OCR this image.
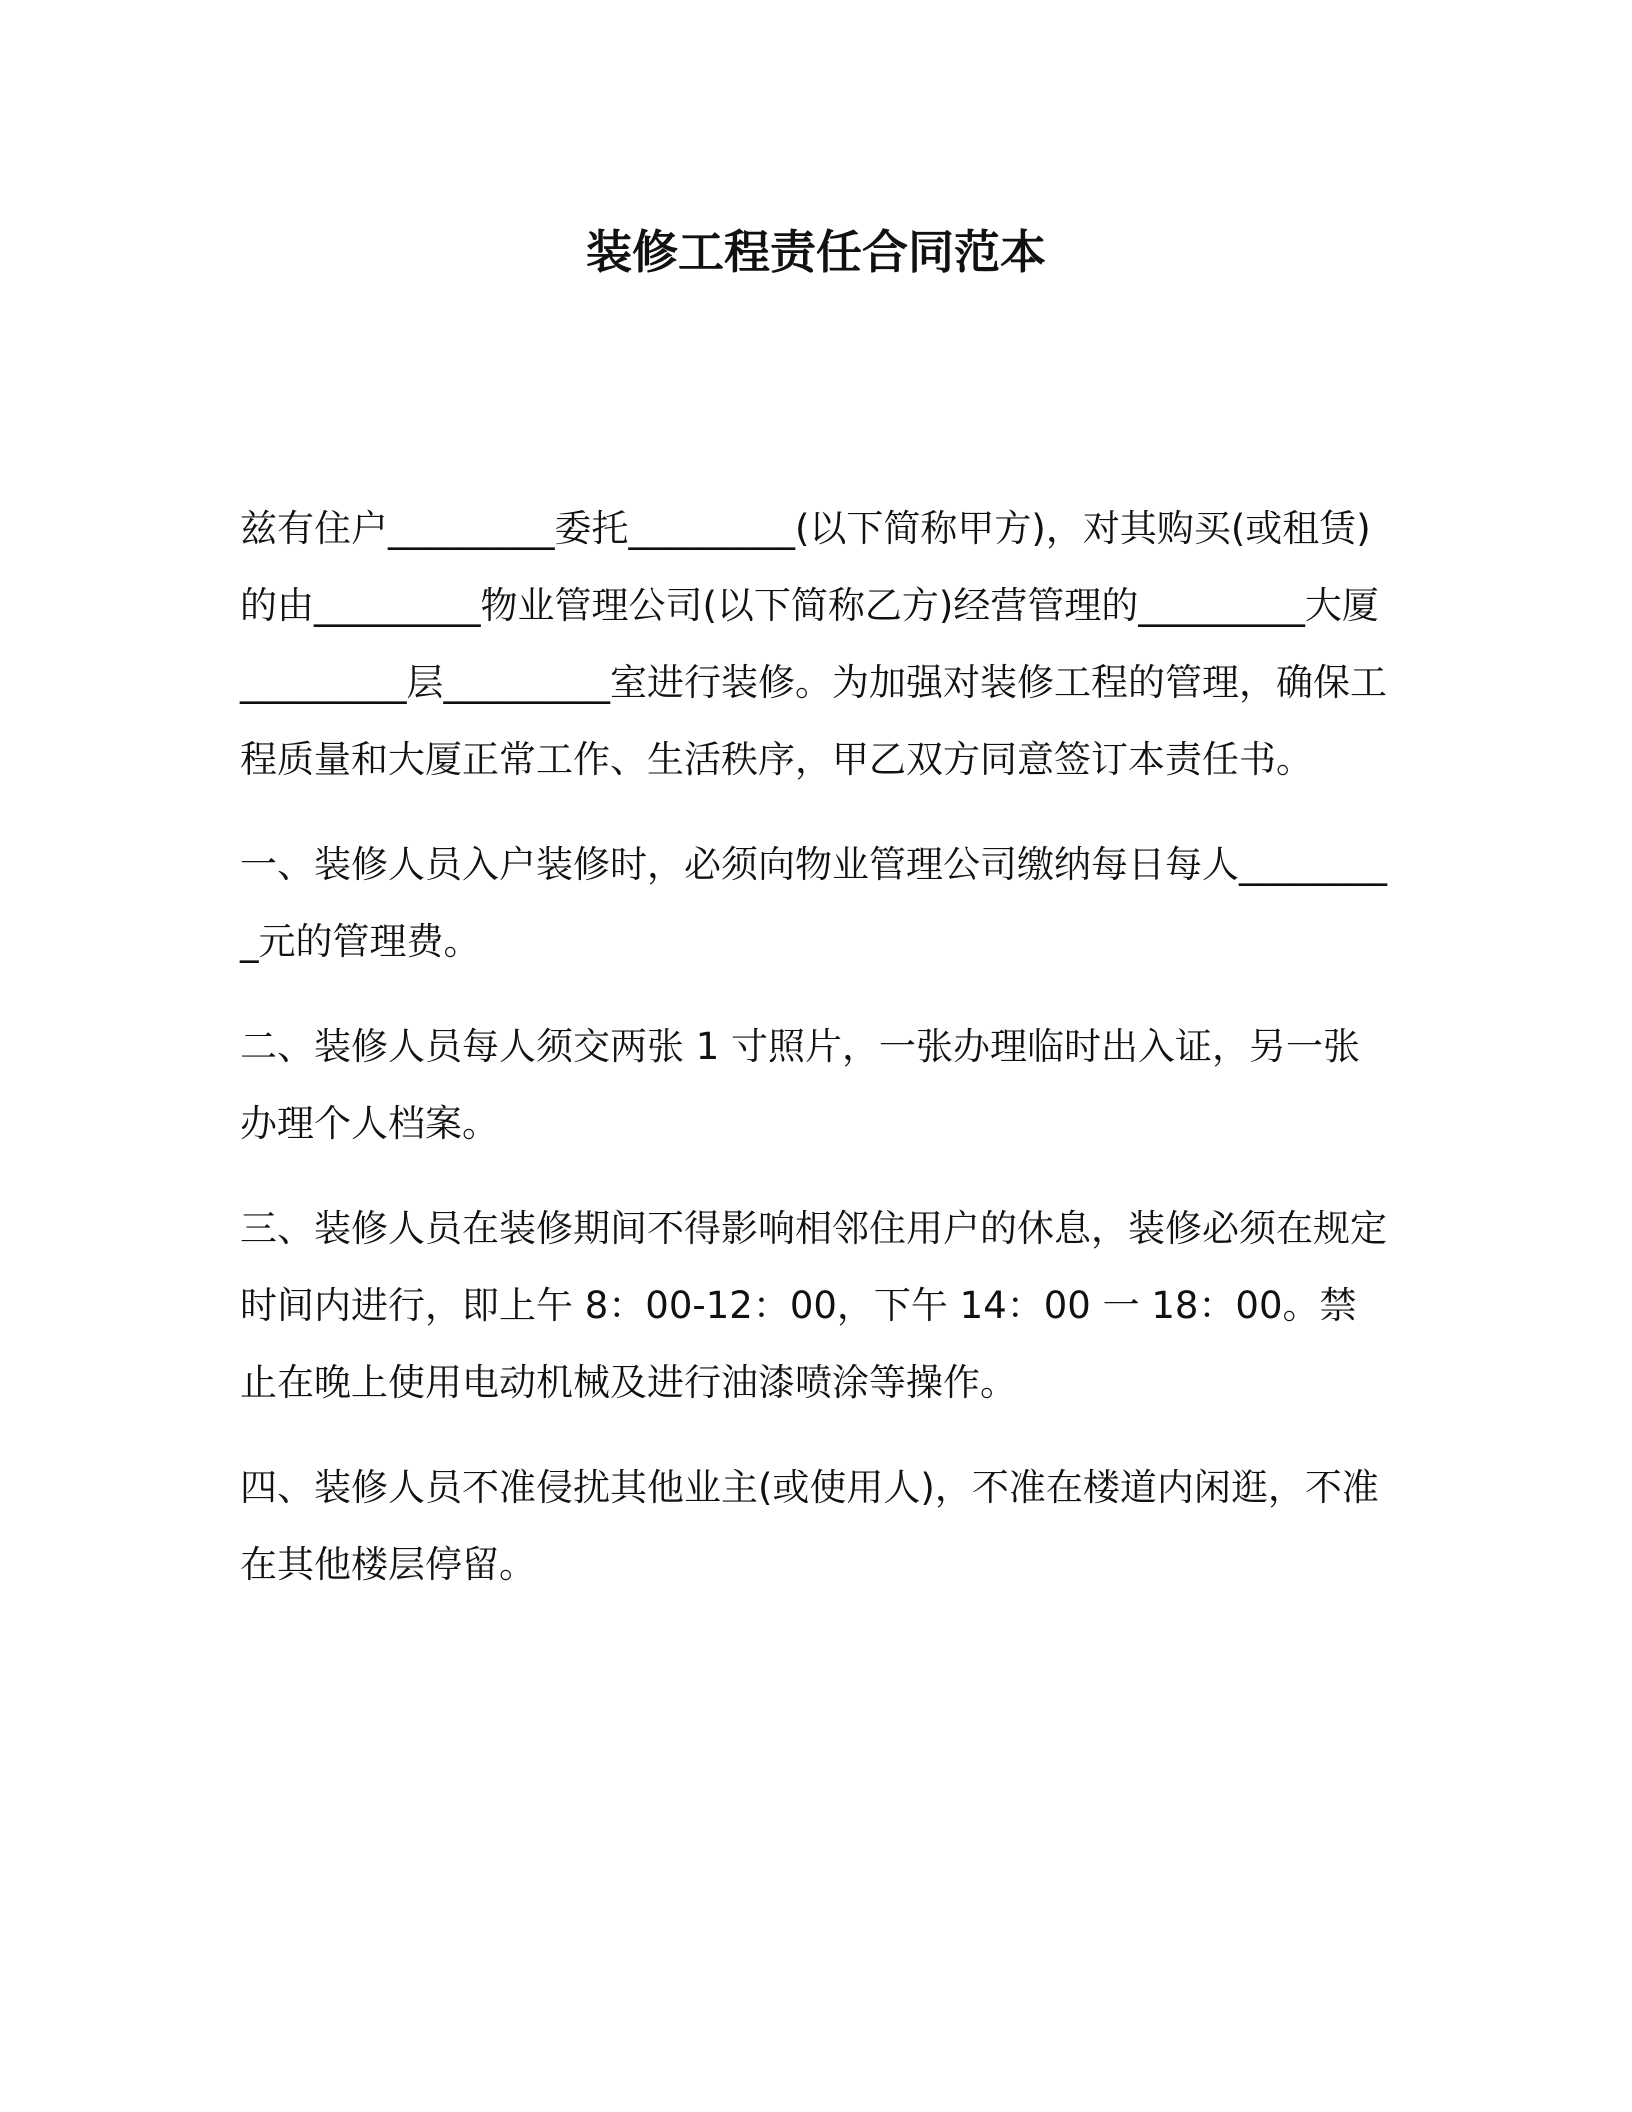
装修工程责任合同范本

兹有住户_________委托_________(以下简称甲方)，对其购买(或租赁)的由_________物业管理公司(以下简称乙方)经营管理的_________大厦_________层_________室进行装修。为加强对装修工程的管理，确保工程质量和大厦正常工作、生活秩序，甲乙双方同意签订本责任书。

一、装修人员入户装修时，必须向物业管理公司缴纳每日每人_________元的管理费。

二、装修人员每人须交两张 1 寸照片，一张办理临时出入证，另一张办理个人档案。

三、装修人员在装修期间不得影响相邻住用户的休息，装修必须在规定时间内进行，即上午 8：00-12：00，下午 14：00 一 18：00。禁止在晚上使用电动机械及进行油漆喷涂等操作。

四、装修人员不准侵扰其他业主(或使用人)，不准在楼道内闲逛，不准在其他楼层停留。
